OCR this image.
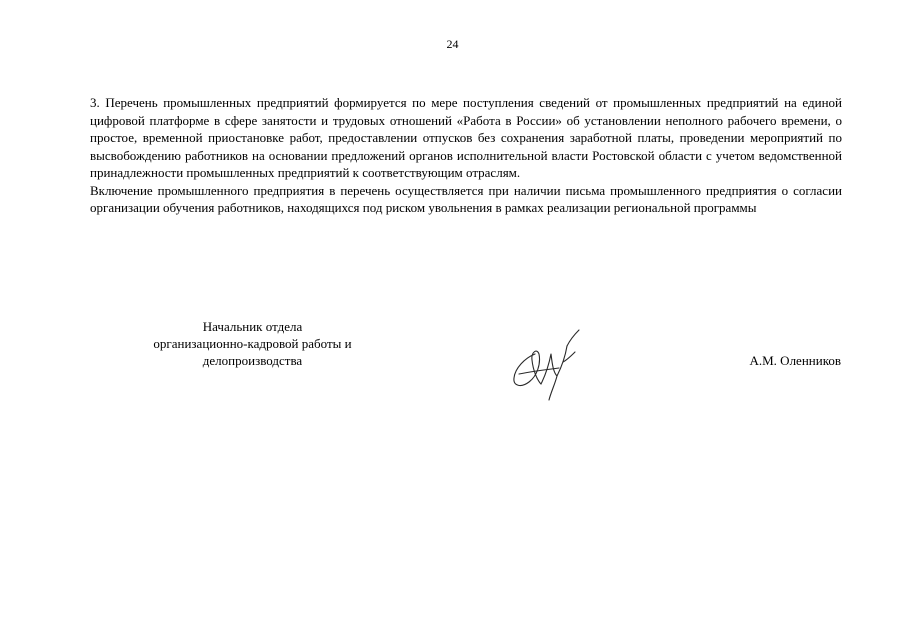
24

3. Перечень промышленных предприятий формируется по мере поступления сведений от промышленных предприятий на единой цифровой платформе в сфере занятости и трудовых отношений «Работа в России» об установлении неполного рабочего времени, о простое, временной приостановке работ, предоставлении отпусков без сохранения заработной платы, проведении мероприятий по высвобождению работников на основании предложений органов исполнительной власти Ростовской области с учетом ведомственной принадлежности промышленных предприятий к соответствующим отраслям.

Включение промышленного предприятия в перечень осуществляется при наличии письма промышленного предприятия о согласии организации обучения работников, находящихся под риском увольнения в рамках реализации региональной программы

Начальник отдела
организационно-кадровой работы и
делопроизводства	А.М. Оленников
